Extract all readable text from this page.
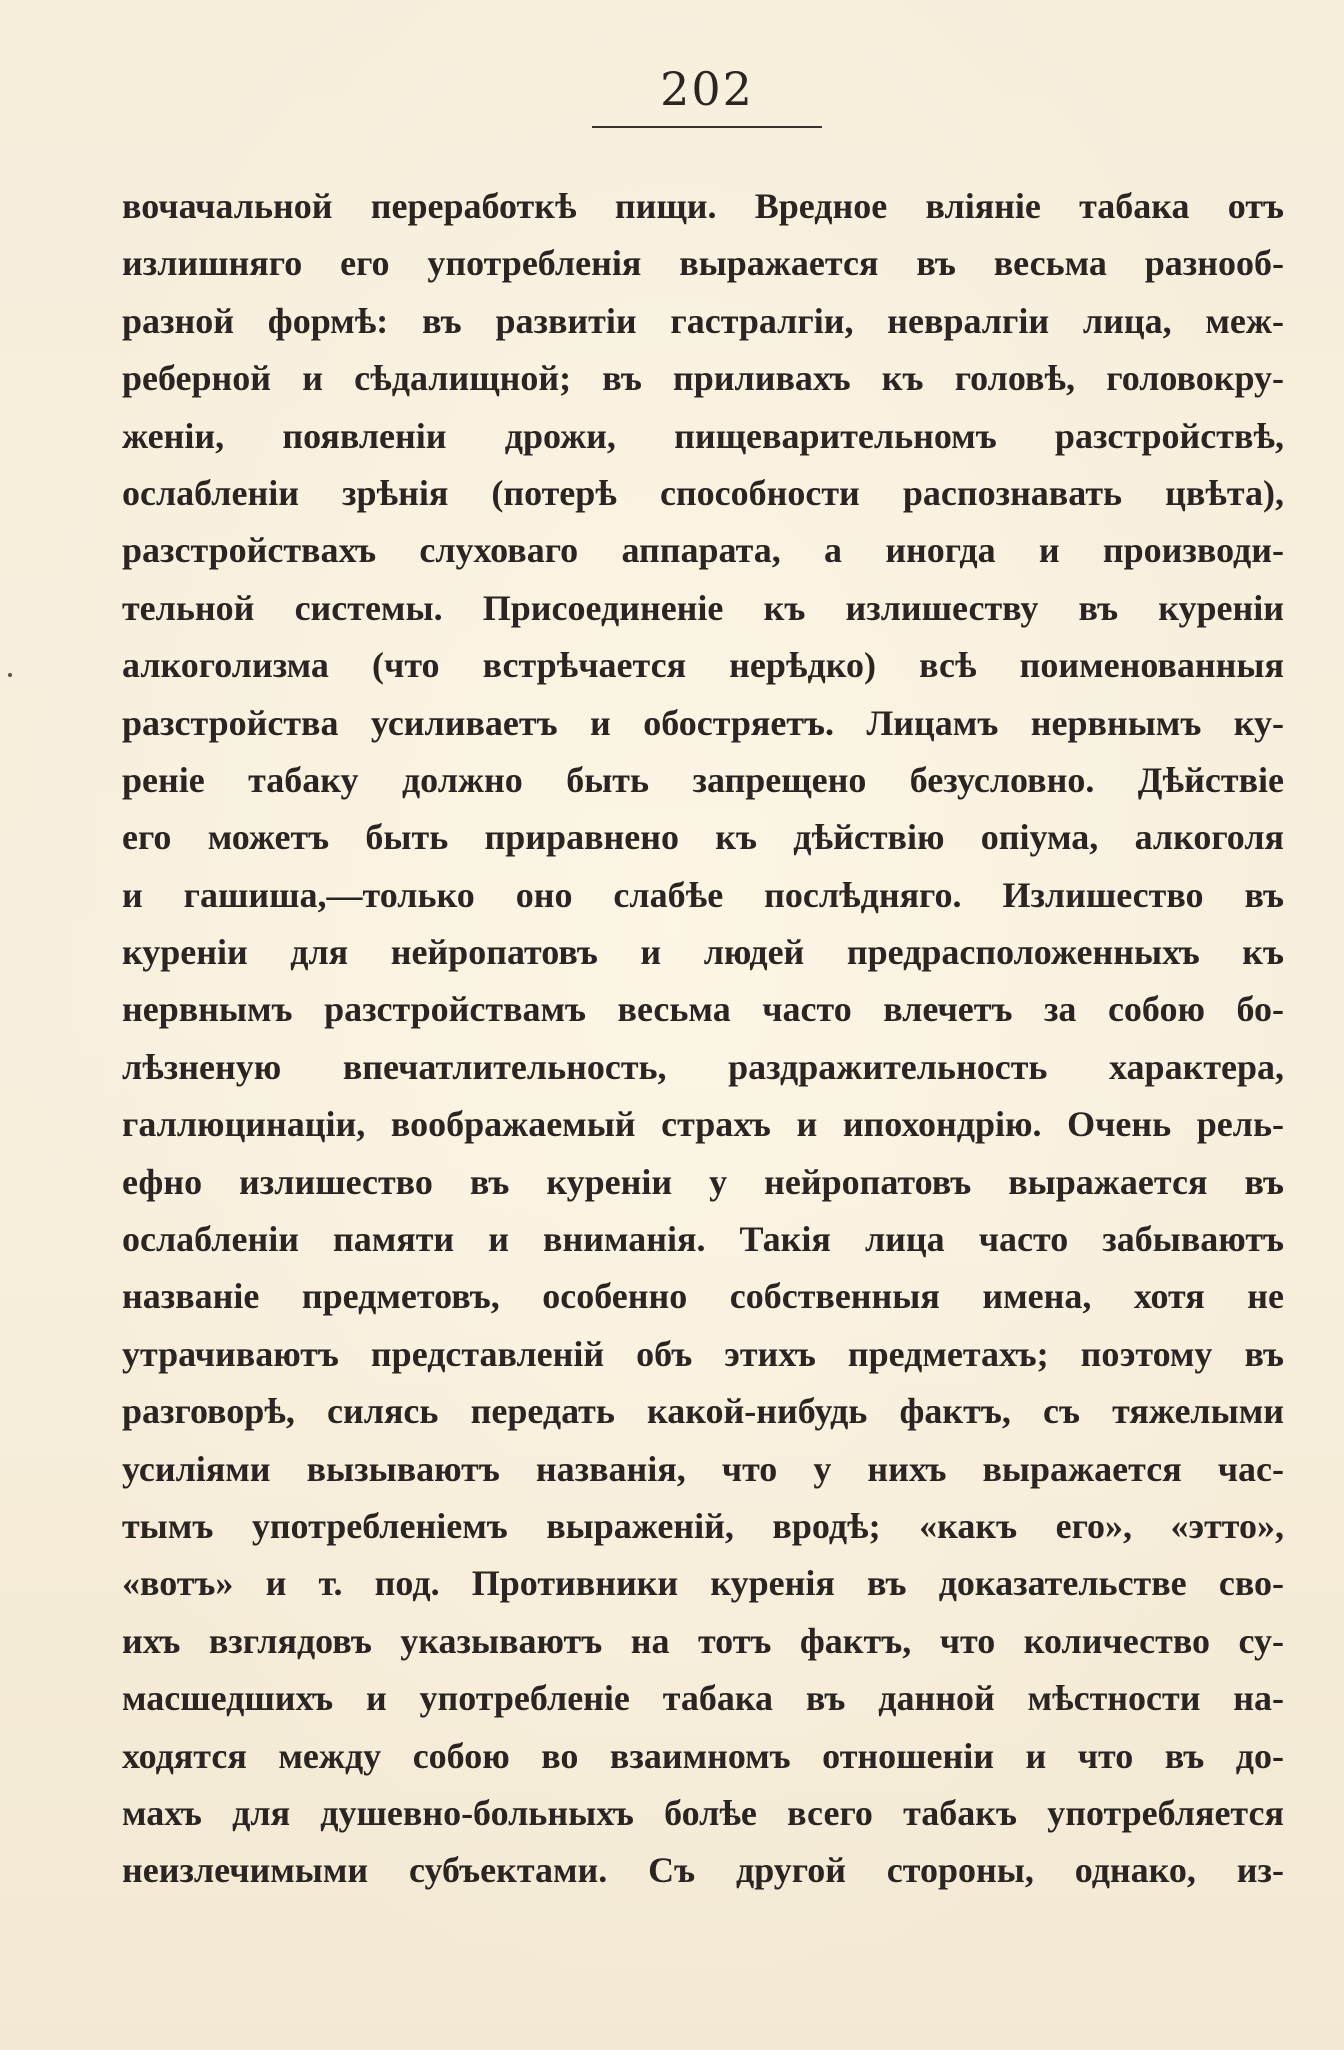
202
вочачальной переработкѣ пищи. Вредное вліяніе табака отъ
излишняго его употребленія выражается въ весьма разнооб-
разной формѣ: въ развитіи гастралгіи, невралгіи лица, меж-
реберной и сѣдалищной; въ приливахъ къ головѣ, головокру-
женіи, появленіи дрожи, пищеварительномъ разстройствѣ,
ослабленіи зрѣнія (потерѣ способности распознавать цвѣта),
разстройствахъ слуховаго аппарата, а иногда и производи-
тельной системы. Присоединеніе къ излишеству въ куреніи
алкоголизма (что встрѣчается нерѣдко) всѣ поименованныя
разстройства усиливаетъ и обостряетъ. Лицамъ нервнымъ ку-
реніе табаку должно быть запрещено безусловно. Дѣйствіе
его можетъ быть приравнено къ дѣйствію опіума, алкоголя
и гашиша,—только оно слабѣе послѣдняго. Излишество въ
куреніи для нейропатовъ и людей предрасположенныхъ къ
нервнымъ разстройствамъ весьма часто влечетъ за собою бо-
лѣзненую впечатлительность, раздражительность характера,
галлюцинаціи, воображаемый страхъ и ипохондрію. Очень рель-
ефно излишество въ куреніи у нейропатовъ выражается въ
ослабленіи памяти и вниманія. Такія лица часто забываютъ
названіе предметовъ, особенно собственныя имена, хотя не
утрачиваютъ представленій объ этихъ предметахъ; поэтому въ
разговорѣ, силясь передать какой-нибудь фактъ, съ тяжелыми
усиліями вызываютъ названія, что у нихъ выражается час-
тымъ употребленіемъ выраженій, вродѣ; «какъ его», «этто»,
«вотъ» и т. под. Противники куренія въ доказательстве сво-
ихъ взглядовъ указываютъ на тотъ фактъ, что количество су-
масшедшихъ и употребленіе табака въ данной мѣстности на-
ходятся между собою во взаимномъ отношеніи и что въ до-
махъ для душевно-больныхъ болѣе всего табакъ употребляется
неизлечимыми субъектами. Съ другой стороны, однако, из-
